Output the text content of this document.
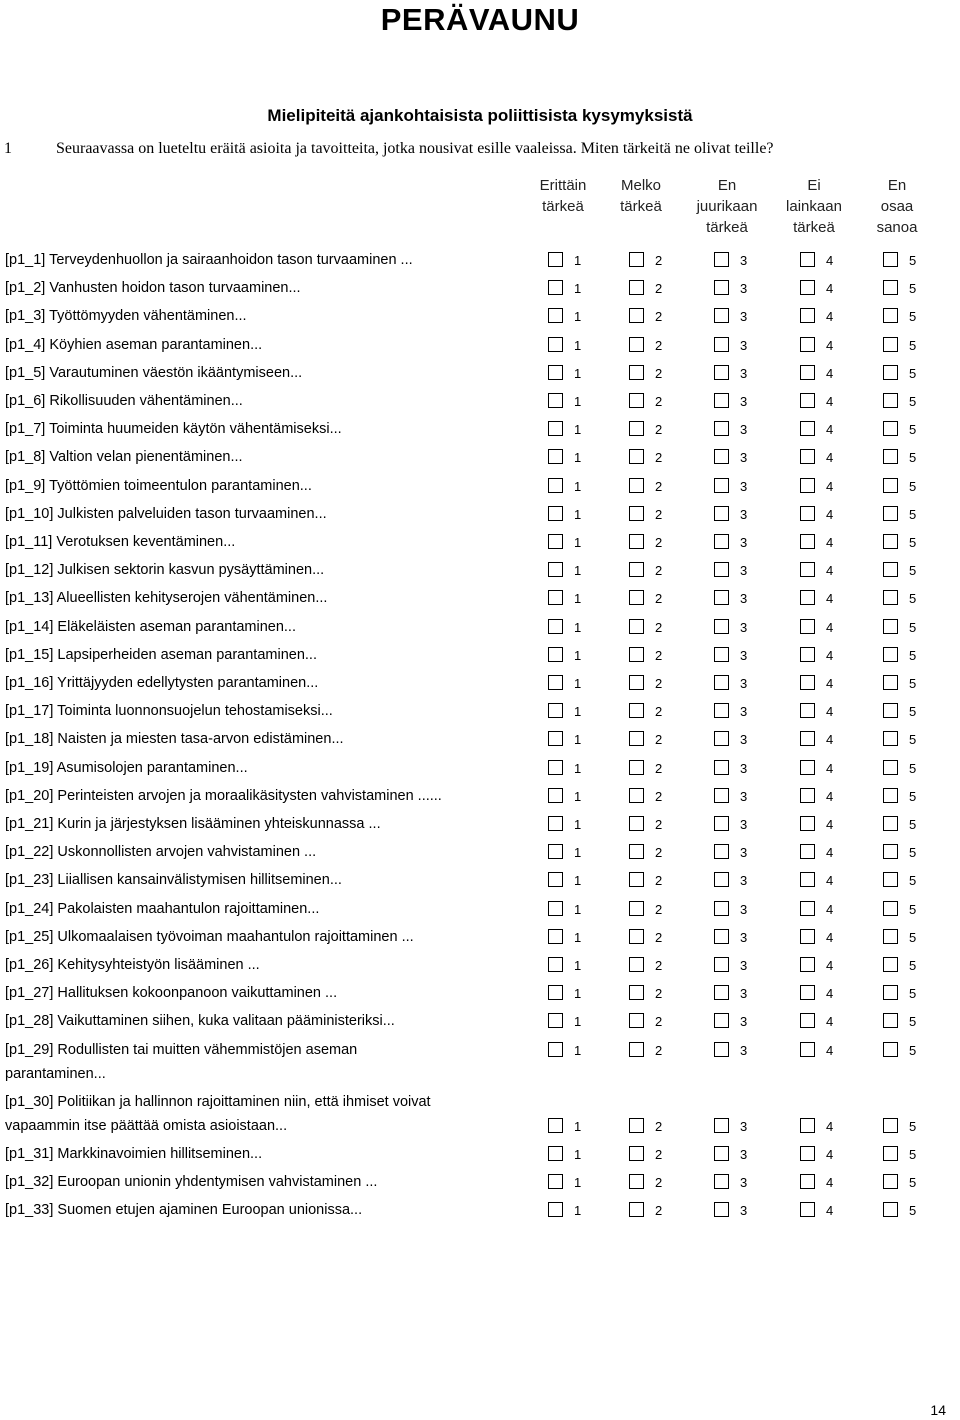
PERÄVAUNU
Mielipiteitä ajankohtaisista poliittisista kysymyksistä
1	Seuraavassa on lueteltu eräitä asioita ja tavoitteita, jotka nousivat esille vaaleissa. Miten tärkeitä ne olivat teille?
Erittäin
tärkeä
Melko
tärkeä
En
juurikaan
tärkeä
Ei
lainkaan
tärkeä
En
osaa
sanoa
[p1_1] Terveydenhuollon ja sairaanhoidon tason turvaaminen ...	1	2	3	4	5
[p1_2] Vanhusten hoidon tason turvaaminen...	1	2	3	4	5
[p1_3] Työttömyyden vähentäminen...	1	2	3	4	5
[p1_4] Köyhien aseman parantaminen...	1	2	3	4	5
[p1_5] Varautuminen väestön ikääntymiseen...	1	2	3	4	5
[p1_6] Rikollisuuden vähentäminen...	1	2	3	4	5
[p1_7] Toiminta huumeiden käytön vähentämiseksi...	1	2	3	4	5
[p1_8] Valtion velan pienentäminen...	1	2	3	4	5
[p1_9] Työttömien toimeentulon parantaminen...	1	2	3	4	5
[p1_10] Julkisten palveluiden tason turvaaminen...	1	2	3	4	5
[p1_11] Verotuksen keventäminen...	1	2	3	4	5
[p1_12] Julkisen sektorin kasvun pysäyttäminen...	1	2	3	4	5
[p1_13] Alueellisten kehityserojen vähentäminen...	1	2	3	4	5
[p1_14] Eläkeläisten aseman parantaminen...	1	2	3	4	5
[p1_15] Lapsiperheiden aseman parantaminen...	1	2	3	4	5
[p1_16] Yrittäjyyden edellytysten parantaminen...	1	2	3	4	5
[p1_17] Toiminta luonnonsuojelun tehostamiseksi...	1	2	3	4	5
[p1_18] Naisten ja miesten tasa-arvon edistäminen...	1	2	3	4	5
[p1_19] Asumisolojen parantaminen...	1	2	3	4	5
[p1_20] Perinteisten arvojen ja moraalikäsitysten vahvistaminen ......	1	2	3	4	5
[p1_21] Kurin ja järjestyksen lisääminen yhteiskunnassa ...	1	2	3	4	5
[p1_22] Uskonnollisten arvojen vahvistaminen ...	1	2	3	4	5
[p1_23] Liiallisen kansainvälistymisen hillitseminen...	1	2	3	4	5
[p1_24] Pakolaisten maahantulon rajoittaminen...	1	2	3	4	5
[p1_25] Ulkomaalaisen työvoiman maahantulon rajoittaminen ...	1	2	3	4	5
[p1_26] Kehitysyhteistyön lisääminen ...	1	2	3	4	5
[p1_27] Hallituksen kokoonpanoon vaikuttaminen ...	1	2	3	4	5
[p1_28] Vaikuttaminen siihen, kuka valitaan pääministeriksi...	1	2	3	4	5
[p1_29] Rodullisten tai muitten vähemmistöjen aseman
parantaminen...
1	2	3	4	5
[p1_30] Politiikan ja hallinnon rajoittaminen niin, että ihmiset voivat
vapaammin itse päättää omista asioistaan...	1	2	3	4	5
[p1_31] Markkinavoimien hillitseminen...	1	2	3	4	5
[p1_32] Euroopan unionin yhdentymisen vahvistaminen ...	1	2	3	4	5
[p1_33] Suomen etujen ajaminen Euroopan unionissa...	1	2	3	4	5
14
